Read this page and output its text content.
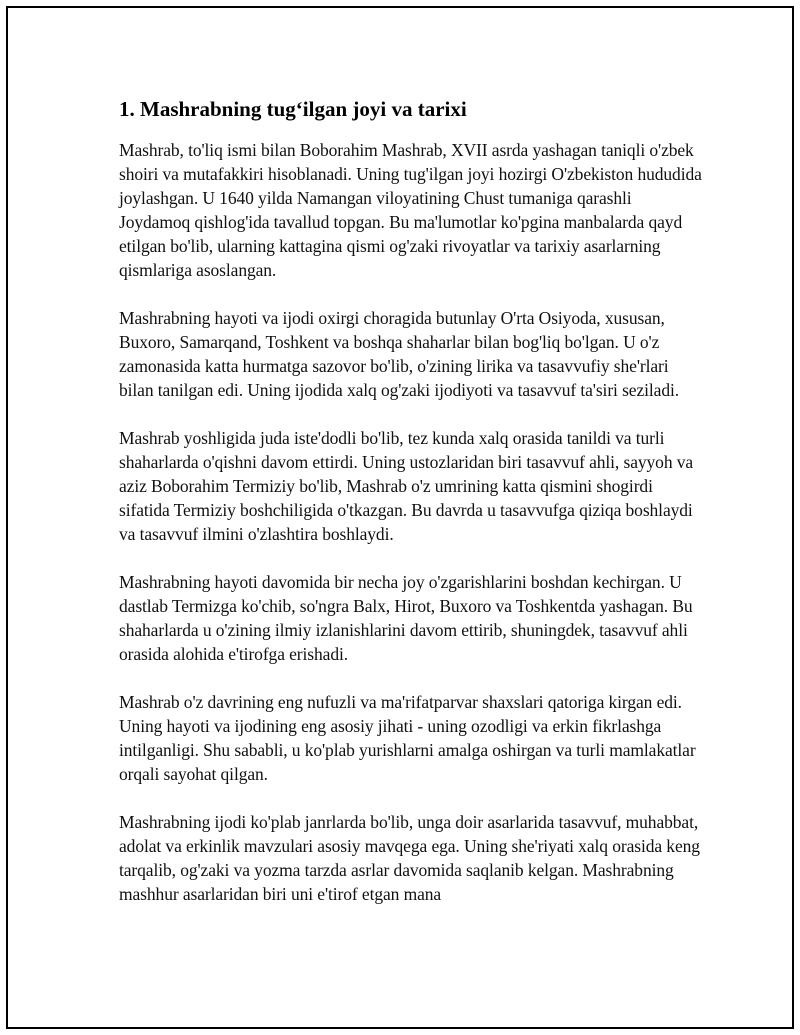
1. Mashrabning tug‘ilgan joyi va tarixi

Mashrab, to'liq ismi bilan Boborahim Mashrab, XVII asrda yashagan taniqli o'zbek shoiri va mutafakkiri hisoblanadi. Uning tug'ilgan joyi hozirgi O'zbekiston hududida joylashgan. U 1640 yilda Namangan viloyatining Chust tumaniga qarashli Joydamoq qishlog'ida tavallud topgan. Bu ma'lumotlar ko'pgina manbalarda qayd etilgan bo'lib, ularning kattagina qismi og'zaki rivoyatlar va tarixiy asarlarning qismlariga asoslangan.

Mashrabning hayoti va ijodi oxirgi choragida butunlay O'rta Osiyoda, xususan, Buxoro, Samarqand, Toshkent va boshqa shaharlar bilan bog'liq bo'lgan. U o'z zamonasida katta hurmatga sazovor bo'lib, o'zining lirika va tasavvufiy she'rlari bilan tanilgan edi. Uning ijodida xalq og'zaki ijodiyoti va tasavvuf ta'siri seziladi.

Mashrab yoshligida juda iste'dodli bo'lib, tez kunda xalq orasida tanildi va turli shaharlarda o'qishni davom ettirdi. Uning ustozlaridan biri tasavvuf ahli, sayyoh va aziz Boborahim Termiziy bo'lib, Mashrab o'z umrining katta qismini shogirdi sifatida Termiziy boshchiligida o'tkazgan. Bu davrda u tasavvufga qiziqa boshlaydi va tasavvuf ilmini o'zlashtira boshlaydi.

Mashrabning hayoti davomida bir necha joy o'zgarishlarini boshdan kechirgan. U dastlab Termizga ko'chib, so'ngra Balx, Hirot, Buxoro va Toshkentda yashagan. Bu shaharlarda u o'zining ilmiy izlanishlarini davom ettirib, shuningdek, tasavvuf ahli orasida alohida e'tirofga erishadi.

Mashrab o'z davrining eng nufuzli va ma'rifatparvar shaxslari qatoriga kirgan edi. Uning hayoti va ijodining eng asosiy jihati - uning ozodligi va erkin fikrlashga intilganligi. Shu sababli, u ko'plab yurishlarni amalga oshirgan va turli mamlakatlar orqali sayohat qilgan.

Mashrabning ijodi ko'plab janrlarda bo'lib, unga doir asarlarida tasavvuf, muhabbat, adolat va erkinlik mavzulari asosiy mavqega ega. Uning she'riyati xalq orasida keng tarqalib, og'zaki va yozma tarzda asrlar davomida saqlanib kelgan. Mashrabning mashhur asarlaridan biri uni e'tirof etgan mana
